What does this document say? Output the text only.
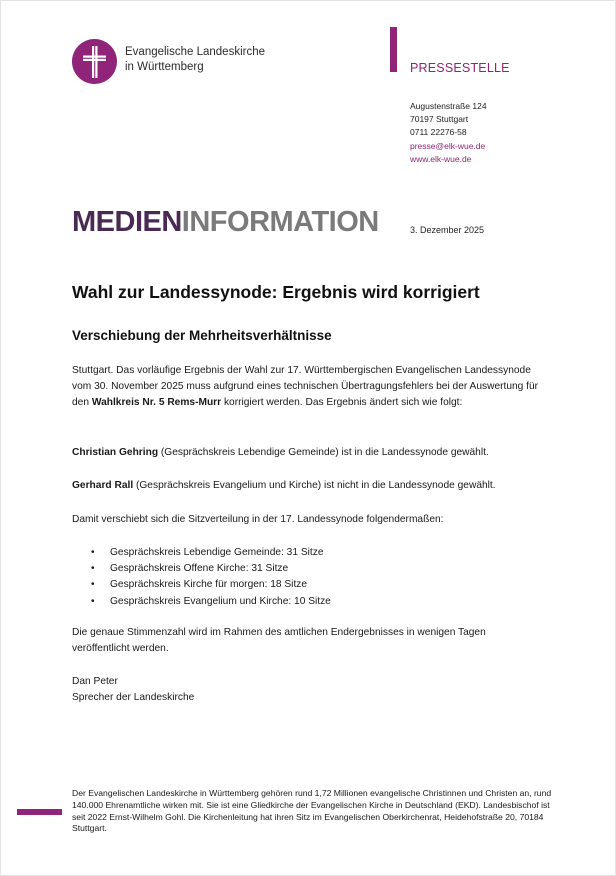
Evangelische Landeskirche
in Württemberg	PRESSESTELLE
Augustenstraße 124
70197 Stuttgart
0711 22276-58
presse@elk-wue.de
www.elk-wue.de
MEDIENINFORMATION	3. Dezember 2025
Wahl zur Landessynode: Ergebnis wird korrigiert
Verschiebung der Mehrheitsverhältnisse
Stuttgart. Das vorläufige Ergebnis der Wahl zur 17. Württembergischen Evangelischen Landessynode vom 30. November 2025 muss aufgrund eines technischen Übertragungsfehlers bei der Auswertung für den Wahlkreis Nr. 5 Rems-Murr korrigiert werden. Das Ergebnis ändert sich wie folgt:
Christian Gehring (Gesprächskreis Lebendige Gemeinde) ist in die Landessynode gewählt.
Gerhard Rall (Gesprächskreis Evangelium und Kirche) ist nicht in die Landessynode gewählt.
Damit verschiebt sich die Sitzverteilung in der 17. Landessynode folgendermaßen:
• Gesprächskreis Lebendige Gemeinde: 31 Sitze
• Gesprächskreis Offene Kirche: 31 Sitze
• Gesprächskreis Kirche für morgen: 18 Sitze
• Gesprächskreis Evangelium und Kirche: 10 Sitze
Die genaue Stimmenzahl wird im Rahmen des amtlichen Endergebnisses in wenigen Tagen veröffentlicht werden.
Dan Peter
Sprecher der Landeskirche
Der Evangelischen Landeskirche in Württemberg gehören rund 1,72 Millionen evangelische Christinnen und Christen an, rund 140.000 Ehrenamtliche wirken mit. Sie ist eine Gliedkirche der Evangelischen Kirche in Deutschland (EKD). Landesbischof ist seit 2022 Ernst-Wilhelm Gohl. Die Kirchenleitung hat ihren Sitz im Evangelischen Oberkirchenrat, Heidehofstraße 20, 70184 Stuttgart.
